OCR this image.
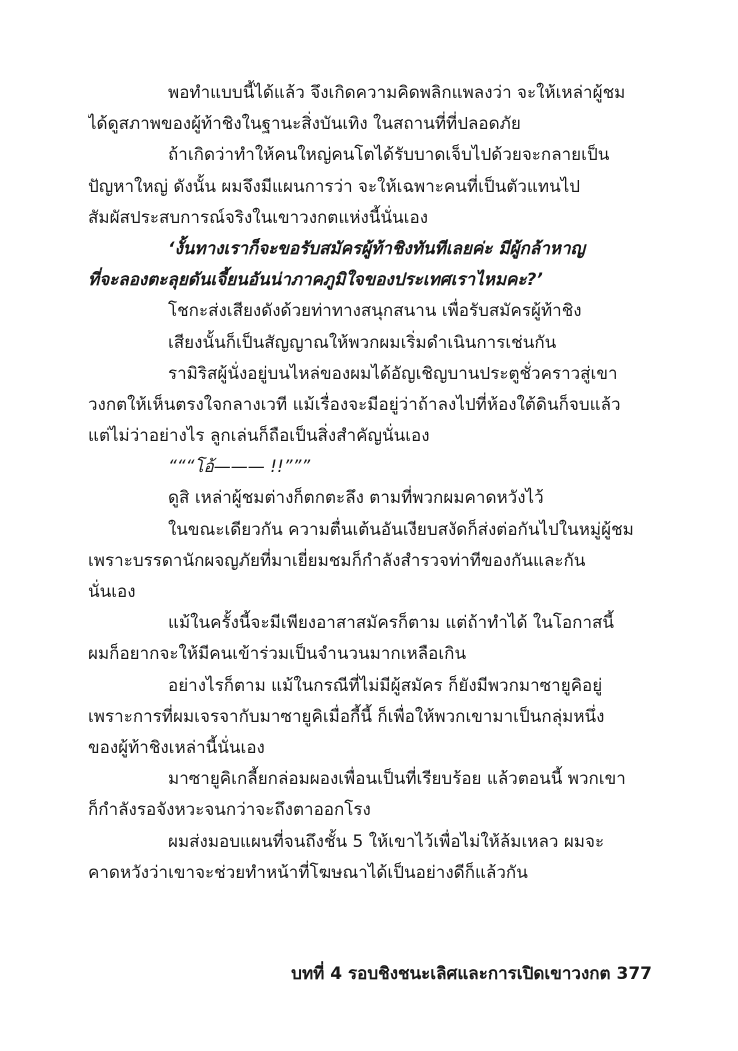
พอทำแบบนี้ได้แล้ว จึงเกิดความคิดพลิกแพลงว่า จะให้เหล่าผู้ชม
ได้ดูสภาพของผู้ท้าชิงในฐานะสิ่งบันเทิง ในสถานที่ที่ปลอดภัย
ถ้าเกิดว่าทำให้คนใหญ่คนโตได้รับบาดเจ็บไปด้วยจะกลายเป็น
ปัญหาใหญ่ ดังนั้น ผมจึงมีแผนการว่า จะให้เฉพาะคนที่เป็นตัวแทนไป
สัมผัสประสบการณ์จริงในเขาวงกตแห่งนี้นั่นเอง
‘งั้นทางเราก็จะขอรับสมัครผู้ท้าชิงทันทีเลยค่ะ มีผู้กล้าหาญ
ที่จะลองตะลุยดันเจี้ยนอันน่าภาคภูมิใจของประเทศเราไหมคะ?’
โชกะส่งเสียงดังด้วยท่าทางสนุกสนาน เพื่อรับสมัครผู้ท้าชิง
เสียงนั้นก็เป็นสัญญาณให้พวกผมเริ่มดำเนินการเช่นกัน
รามิริสผู้นั่งอยู่บนไหล่ของผมได้อัญเชิญบานประตูชั่วคราวสู่เขา
วงกตให้เห็นตรงใจกลางเวที แม้เรื่องจะมีอยู่ว่าถ้าลงไปที่ห้องใต้ดินก็จบแล้ว
แต่ไม่ว่าอย่างไร ลูกเล่นก็ถือเป็นสิ่งสำคัญนั่นเอง
“““โอ้——— !!”””
ดูสิ เหล่าผู้ชมต่างก็ตกตะลึง ตามที่พวกผมคาดหวังไว้
ในขณะเดียวกัน ความตื่นเต้นอันเงียบสงัดก็ส่งต่อกันไปในหมู่ผู้ชม
เพราะบรรดานักผจญภัยที่มาเยี่ยมชมก็กำลังสำรวจท่าทีของกันและกัน
นั่นเอง
แม้ในครั้งนี้จะมีเพียงอาสาสมัครก็ตาม แต่ถ้าทำได้ ในโอกาสนี้
ผมก็อยากจะให้มีคนเข้าร่วมเป็นจำนวนมากเหลือเกิน
อย่างไรก็ตาม แม้ในกรณีที่ไม่มีผู้สมัคร ก็ยังมีพวกมาซายูคิอยู่
เพราะการที่ผมเจรจากับมาซายูคิเมื่อกี้นี้ ก็เพื่อให้พวกเขามาเป็นกลุ่มหนึ่ง
ของผู้ท้าชิงเหล่านี้นั่นเอง
มาซายูคิเกลี้ยกล่อมผองเพื่อนเป็นที่เรียบร้อย แล้วตอนนี้ พวกเขา
ก็กำลังรอจังหวะจนกว่าจะถึงตาออกโรง
ผมส่งมอบแผนที่จนถึงชั้น 5 ให้เขาไว้เพื่อไม่ให้ล้มเหลว ผมจะ
คาดหวังว่าเขาจะช่วยทำหน้าที่โฆษณาได้เป็นอย่างดีก็แล้วกัน
บทที่ 4 รอบชิงชนะเลิศและการเปิดเขาวงกต 377
